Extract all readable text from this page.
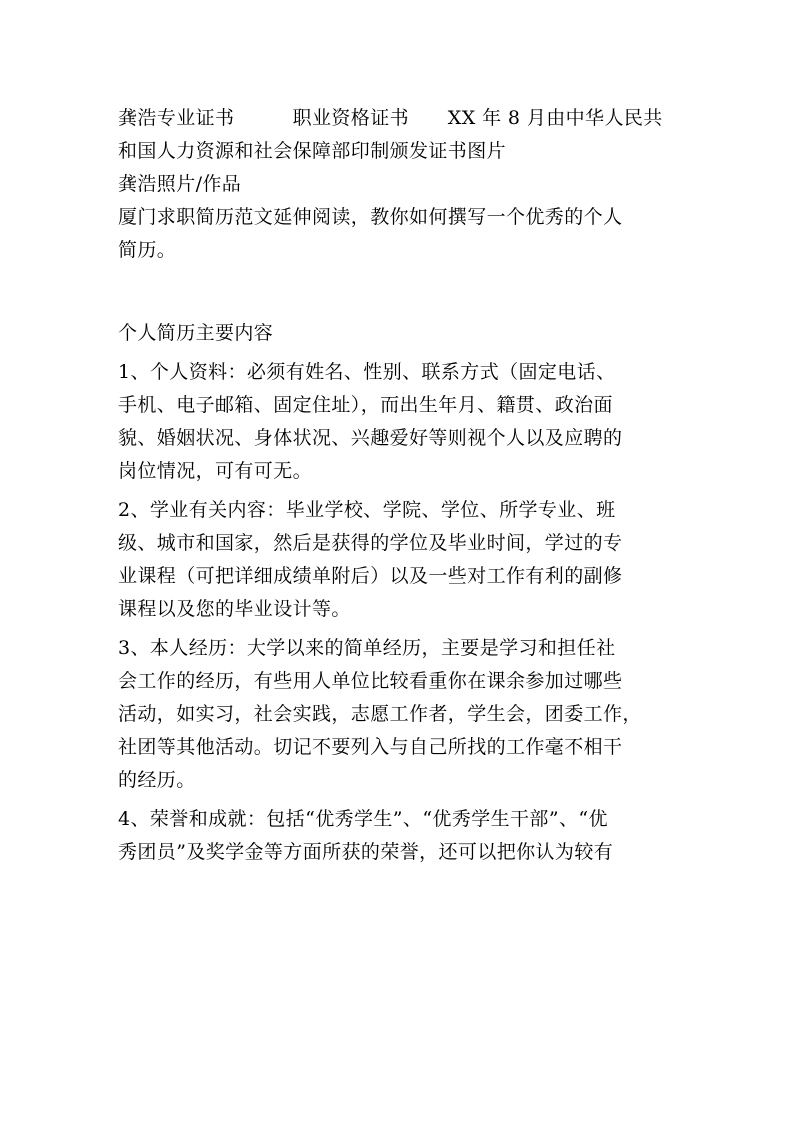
龚浩专业证书　　　职业资格证书　　XX 年 8 月由中华人民共
和国人力资源和社会保障部印制颁发证书图片
龚浩照片/作品
厦门求职简历范文延伸阅读，教你如何撰写一个优秀的个人
简历。
个人简历主要内容
1、个人资料：必须有姓名、性别、联系方式（固定电话、
手机、电子邮箱、固定住址），而出生年月、籍贯、政治面
貌、婚姻状况、身体状况、兴趣爱好等则视个人以及应聘的
岗位情况，可有可无。
2、学业有关内容：毕业学校、学院、学位、所学专业、班
级、城市和国家，然后是获得的学位及毕业时间，学过的专
业课程（可把详细成绩单附后）以及一些对工作有利的副修
课程以及您的毕业设计等。
3、本人经历：大学以来的简单经历，主要是学习和担任社
会工作的经历，有些用人单位比较看重你在课余参加过哪些
活动，如实习，社会实践，志愿工作者，学生会，团委工作，
社团等其他活动。切记不要列入与自己所找的工作毫不相干
的经历。
4、荣誉和成就：包括“优秀学生”、“优秀学生干部”、“优
秀团员”及奖学金等方面所获的荣誉，还可以把你认为较有
